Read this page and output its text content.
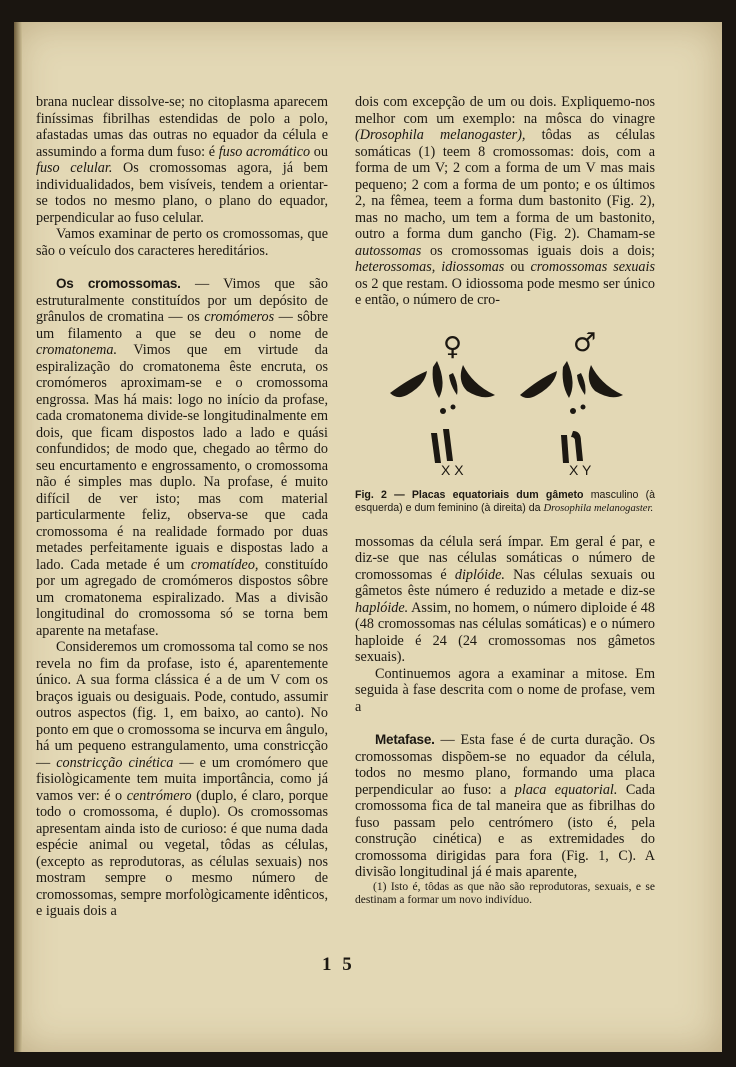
brana nuclear dissolve-se; no citoplasma aparecem finíssimas fibrilhas estendidas de polo a polo, afastadas umas das outras no equador da célula e assumindo a forma dum fuso: é fuso acromático ou fuso celular. Os cromossomas agora, já bem individualidados, bem visíveis, tendem a orientar-se todos no mesmo plano, o plano do equador, perpendicular ao fuso celular.

Vamos examinar de perto os cromossomas, que são o veículo dos caracteres hereditários.

Os cromossomas. — Vimos que são estruturalmente constituídos por um depósito de grânulos de cromatina — os cromómeros — sôbre um filamento a que se deu o nome de cromatonema. Vimos que em virtude da espiralização do cromatonema êste encruta, os cromómeros aproximam-se e o cromossoma engrossa. Mas há mais: logo no início da profase, cada cromatonema divide-se longitudinalmente em dois, que ficam dispostos lado a lado e quási confundidos; de modo que, chegado ao têrmo do seu encurtamento e engrossamento, o cromossoma não é simples mas duplo. Na profase, é muito difícil de ver isto; mas com material particularmente feliz, observa-se que cada cromossoma é na realidade formado por duas metades perfeitamente iguais e dispostas lado a lado. Cada metade é um cromatídeo, constituído por um agregado de cromómeros dispostos sôbre um cromatonema espiralizado. Mas a divisão longitudinal do cromossoma só se torna bem aparente na metafase.

Consideremos um cromossoma tal como se nos revela no fim da profase, isto é, aparentemente único. A sua forma clássica é a de um V com os braços iguais ou desiguais. Pode, contudo, assumir outros aspectos (fig. 1, em baixo, ao canto). No ponto em que o cromossoma se incurva em ângulo, há um pequeno estrangulamento, uma constricção — constricção cinética — e um cromómero que fisiològicamente tem muita importância, como já vamos ver: é o centrómero (duplo, é claro, porque todo o cromossoma, é duplo). Os cromossomas apresentam ainda isto de curioso: é que numa dada espécie animal ou vegetal, tôdas as células, (excepto as reprodutoras, as células sexuais) nos mostram sempre o mesmo número de cromossomas, sempre morfològicamente idênticos, e iguais dois a

dois com excepção de um ou dois. Expliquemo-nos melhor com um exemplo: na môsca do vinagre (Drosophila melanogaster), tôdas as células somáticas (1) teem 8 cromossomas: dois, com a forma de um V; 2 com a forma de um V mas mais pequeno; 2 com a forma de um ponto; e os últimos 2, na fêmea, teem a forma dum bastonito (Fig. 2), mas no macho, um tem a forma de um bastonito, outro a forma dum gancho (Fig. 2). Chamam-se autossomas os cromossomas iguais dois a dois; heterossomas, idiossomas ou cromossomas sexuais os 2 que restam. O idiossoma pode mesmo ser único e então, o número de cro-

♀	♂
X X	X Y

Fig. 2 — Placas equatoriais dum gâmeto masculino (à esquerda) e dum feminino (à direita) da Drosophila melanogaster.

mossomas da célula será ímpar. Em geral é par, e diz-se que nas células somáticas o número de cromossomas é diplóide. Nas células sexuais ou gâmetos êste número é reduzido a metade e diz-se haplóide. Assim, no homem, o número diploide é 48 (48 cromossomas nas células somáticas) e o número haploide é 24 (24 cromossomas nos gâmetos sexuais).

Continuemos agora a examinar a mitose. Em seguida à fase descrita com o nome de profase, vem a

Metafase. — Esta fase é de curta duração. Os cromossomas dispõem-se no equador da célula, todos no mesmo plano, formando uma placa perpendicular ao fuso: a placa equatorial. Cada cromossoma fica de tal maneira que as fibrilhas do fuso passam pelo centrómero (isto é, pela construção cinética) e as extremidades do cromossoma dirigidas para fora (Fig. 1, C). A divisão longitudinal já é mais aparente,

(1) Isto é, tôdas as que não são reprodutoras, sexuais, e se destinam a formar um novo indivíduo.

1 5
